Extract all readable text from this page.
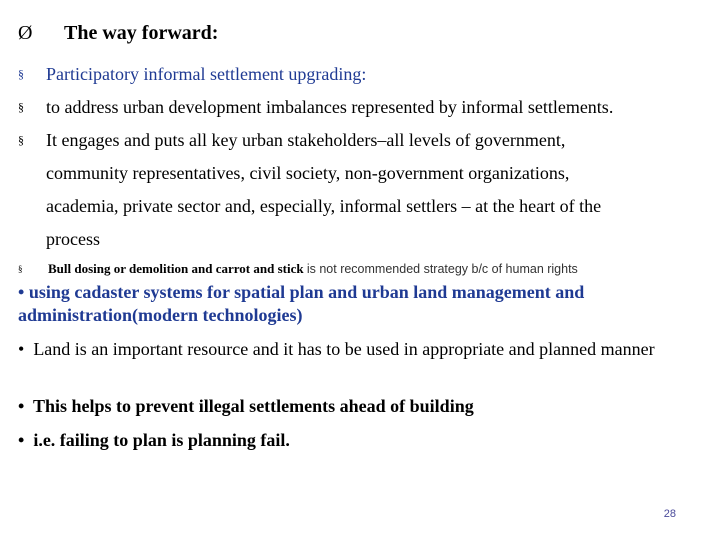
Ø The way forward:
§ Participatory informal settlement upgrading:
§ to address urban development imbalances represented by informal settlements.
§ It engages and puts all key urban stakeholders–all levels of government,
community representatives, civil society, non-government organizations,
academia, private sector and, especially, informal settlers – at the heart of the
process
§ Bull dosing or demolition and carrot and stick is not recommended strategy b/c of human rights
• using cadaster systems for spatial plan and urban land management and administration(modern technologies)
• Land is an important resource and it has to be used in appropriate and planned manner
• This helps to prevent illegal settlements ahead of building
• i.e. failing to plan is planning fail.
28
